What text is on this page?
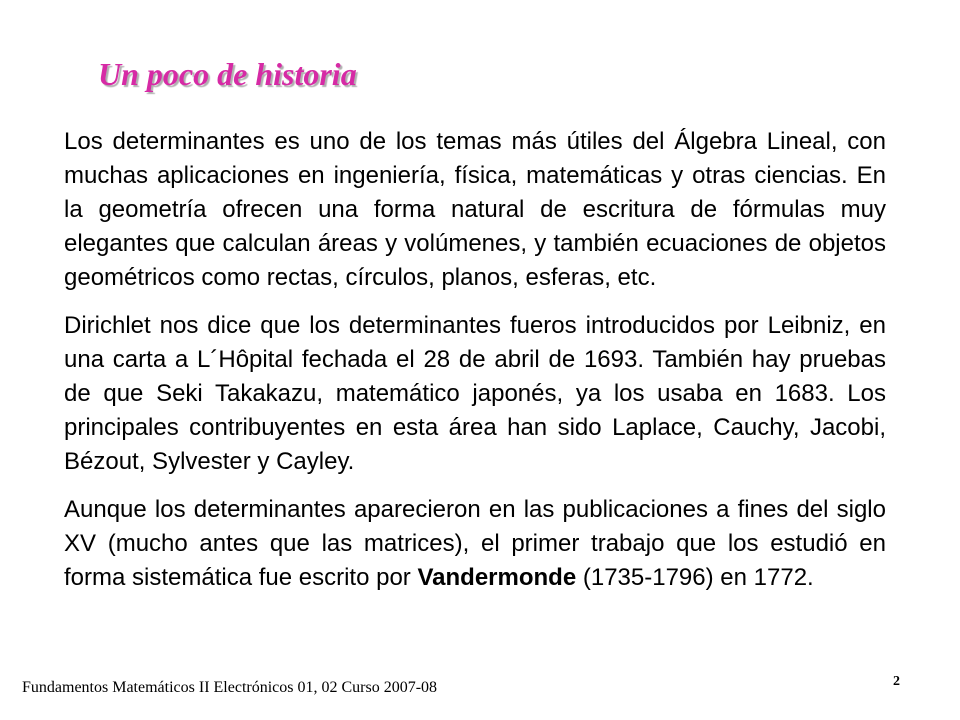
Un poco de historia

Los determinantes es uno de los temas más útiles del Álgebra Lineal, con muchas aplicaciones en ingeniería, física, matemáticas y otras ciencias. En la geometría ofrecen una forma natural de escritura de fórmulas muy elegantes que calculan áreas y volúmenes, y también ecuaciones de objetos geométricos como rectas, círculos, planos, esferas, etc.

Dirichlet nos dice que los determinantes fueros introducidos por Leibniz, en una carta a L´Hôpital fechada el 28 de abril de 1693. También hay pruebas de que Seki Takakazu, matemático japonés, ya los usaba en 1683. Los principales contribuyentes en esta área han sido Laplace, Cauchy, Jacobi, Bézout, Sylvester y Cayley.

Aunque los determinantes aparecieron en las publicaciones a fines del siglo XV (mucho antes que las matrices), el primer trabajo que los estudió en forma sistemática fue escrito por Vandermonde (1735-1796) en 1772.

Fundamentos Matemáticos II Electrónicos 01, 02 Curso 2007-08	2
